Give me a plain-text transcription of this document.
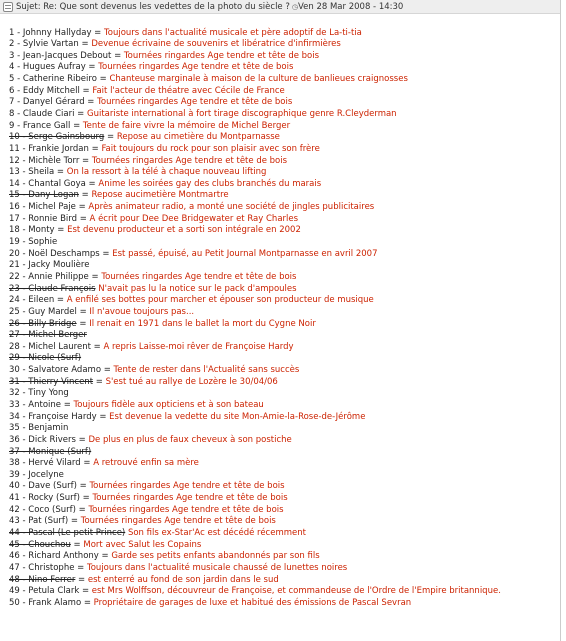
Sujet: Re: Que sont devenus les vedettes de la photo du siècle ? ◷ Ven 28 Mar 2008 - 14:30
1 - Johnny Hallyday = Toujours dans l'actualité musicale et père adoptif de La-ti-tia
2 - Sylvie Vartan = Devenue écrivaine de souvenirs et libératrice d'infirmières
3 - Jean-Jacques Debout = Tournées ringardes Age tendre et tête de bois
4 - Hugues Aufray = Tournées ringardes Age tendre et tête de bois
5 - Catherine Ribeiro = Chanteuse marginale à maison de la culture de banlieues craignosses
6 - Eddy Mitchell = Fait l'acteur de théatre avec Cécile de France
7 - Danyel Gérard = Tournées ringardes Age tendre et tête de bois
8 - Claude Ciari = Guitariste international à fort tirage discographique genre R.Cleyderman
9 - France Gall = Tente de faire vivre la mémoire de Michel Berger
10 - Serge Gainsbourg = Repose au cimetière du Montparnasse
11 - Frankie Jordan = Fait toujours du rock pour son plaisir avec son frère
12 - Michèle Torr = Tournées ringardes Age tendre et tête de bois
13 - Sheila = On la ressort à la télé à chaque nouveau lifting
14 - Chantal Goya = Anime les soirées gay des clubs branchés du marais
15 - Dany Logan = Repose aucimetière Montmartre
16 - Michel Paje = Après animateur radio, a monté une société de jingles publicitaires
17 - Ronnie Bird = A écrit pour Dee Dee Bridgewater et Ray Charles
18 - Monty = Est devenu producteur et a sorti son intégrale en 2002
19 - Sophie
20 - Noël Deschamps = Est passé, épuisé, au Petit Journal Montparnasse en avril 2007
21 - Jacky Moulière
22 - Annie Philippe = Tournées ringardes Age tendre et tête de bois
23 - Claude François N'avait pas lu la notice sur le pack d'ampoules
24 - Eileen = A enfilé ses bottes pour marcher et épouser son producteur de musique
25 - Guy Mardel = Il n'avoue toujours pas...
26 - Billy Bridge = Il renait en 1971 dans le ballet la mort du Cygne Noir
27 - Michel Berger
28 - Michel Laurent = A repris Laisse-moi rêver de Françoise Hardy
29 - Nicole (Surf)
30 - Salvatore Adamo = Tente de rester dans l'Actualité sans succès
31 - Thierry Vincent = S'est tué au rallye de Lozère le 30/04/06
32 - Tiny Yong
33 - Antoine = Toujours fidèle aux opticiens et à son bateau
34 - Françoise Hardy = Est devenue la vedette du site Mon-Amie-la-Rose-de-Jérôme
35 - Benjamin
36 - Dick Rivers = De plus en plus de faux cheveux à son postiche
37 - Monique (Surf)
38 - Hervé Vilard = A retrouvé enfin sa mère
39 - Jocelyne
40 - Dave (Surf) = Tournées ringardes Age tendre et tête de bois
41 - Rocky (Surf) = Tournées ringardes Age tendre et tête de bois
42 - Coco (Surf) = Tournées ringardes Age tendre et tête de bois
43 - Pat (Surf) = Tournées ringardes Age tendre et tête de bois
44 - Pascal (Le petit Prince) Son fils ex-Star'Ac est décédé récemment
45 - Chouchou = Mort avec Salut les Copains
46 - Richard Anthony = Garde ses petits enfants abandonnés par son fils
47 - Christophe = Toujours dans l'actualité musicale chaussé de lunettes noires
48 - Nino Ferrer = est enterré au fond de son jardin dans le sud
49 - Petula Clark = est Mrs Wolffson, découvreur de Françoise, et commandeuse de l'Ordre de l'Empire britannique.
50 - Frank Alamo = Propriétaire de garages de luxe et habitué des émissions de Pascal Sevran
